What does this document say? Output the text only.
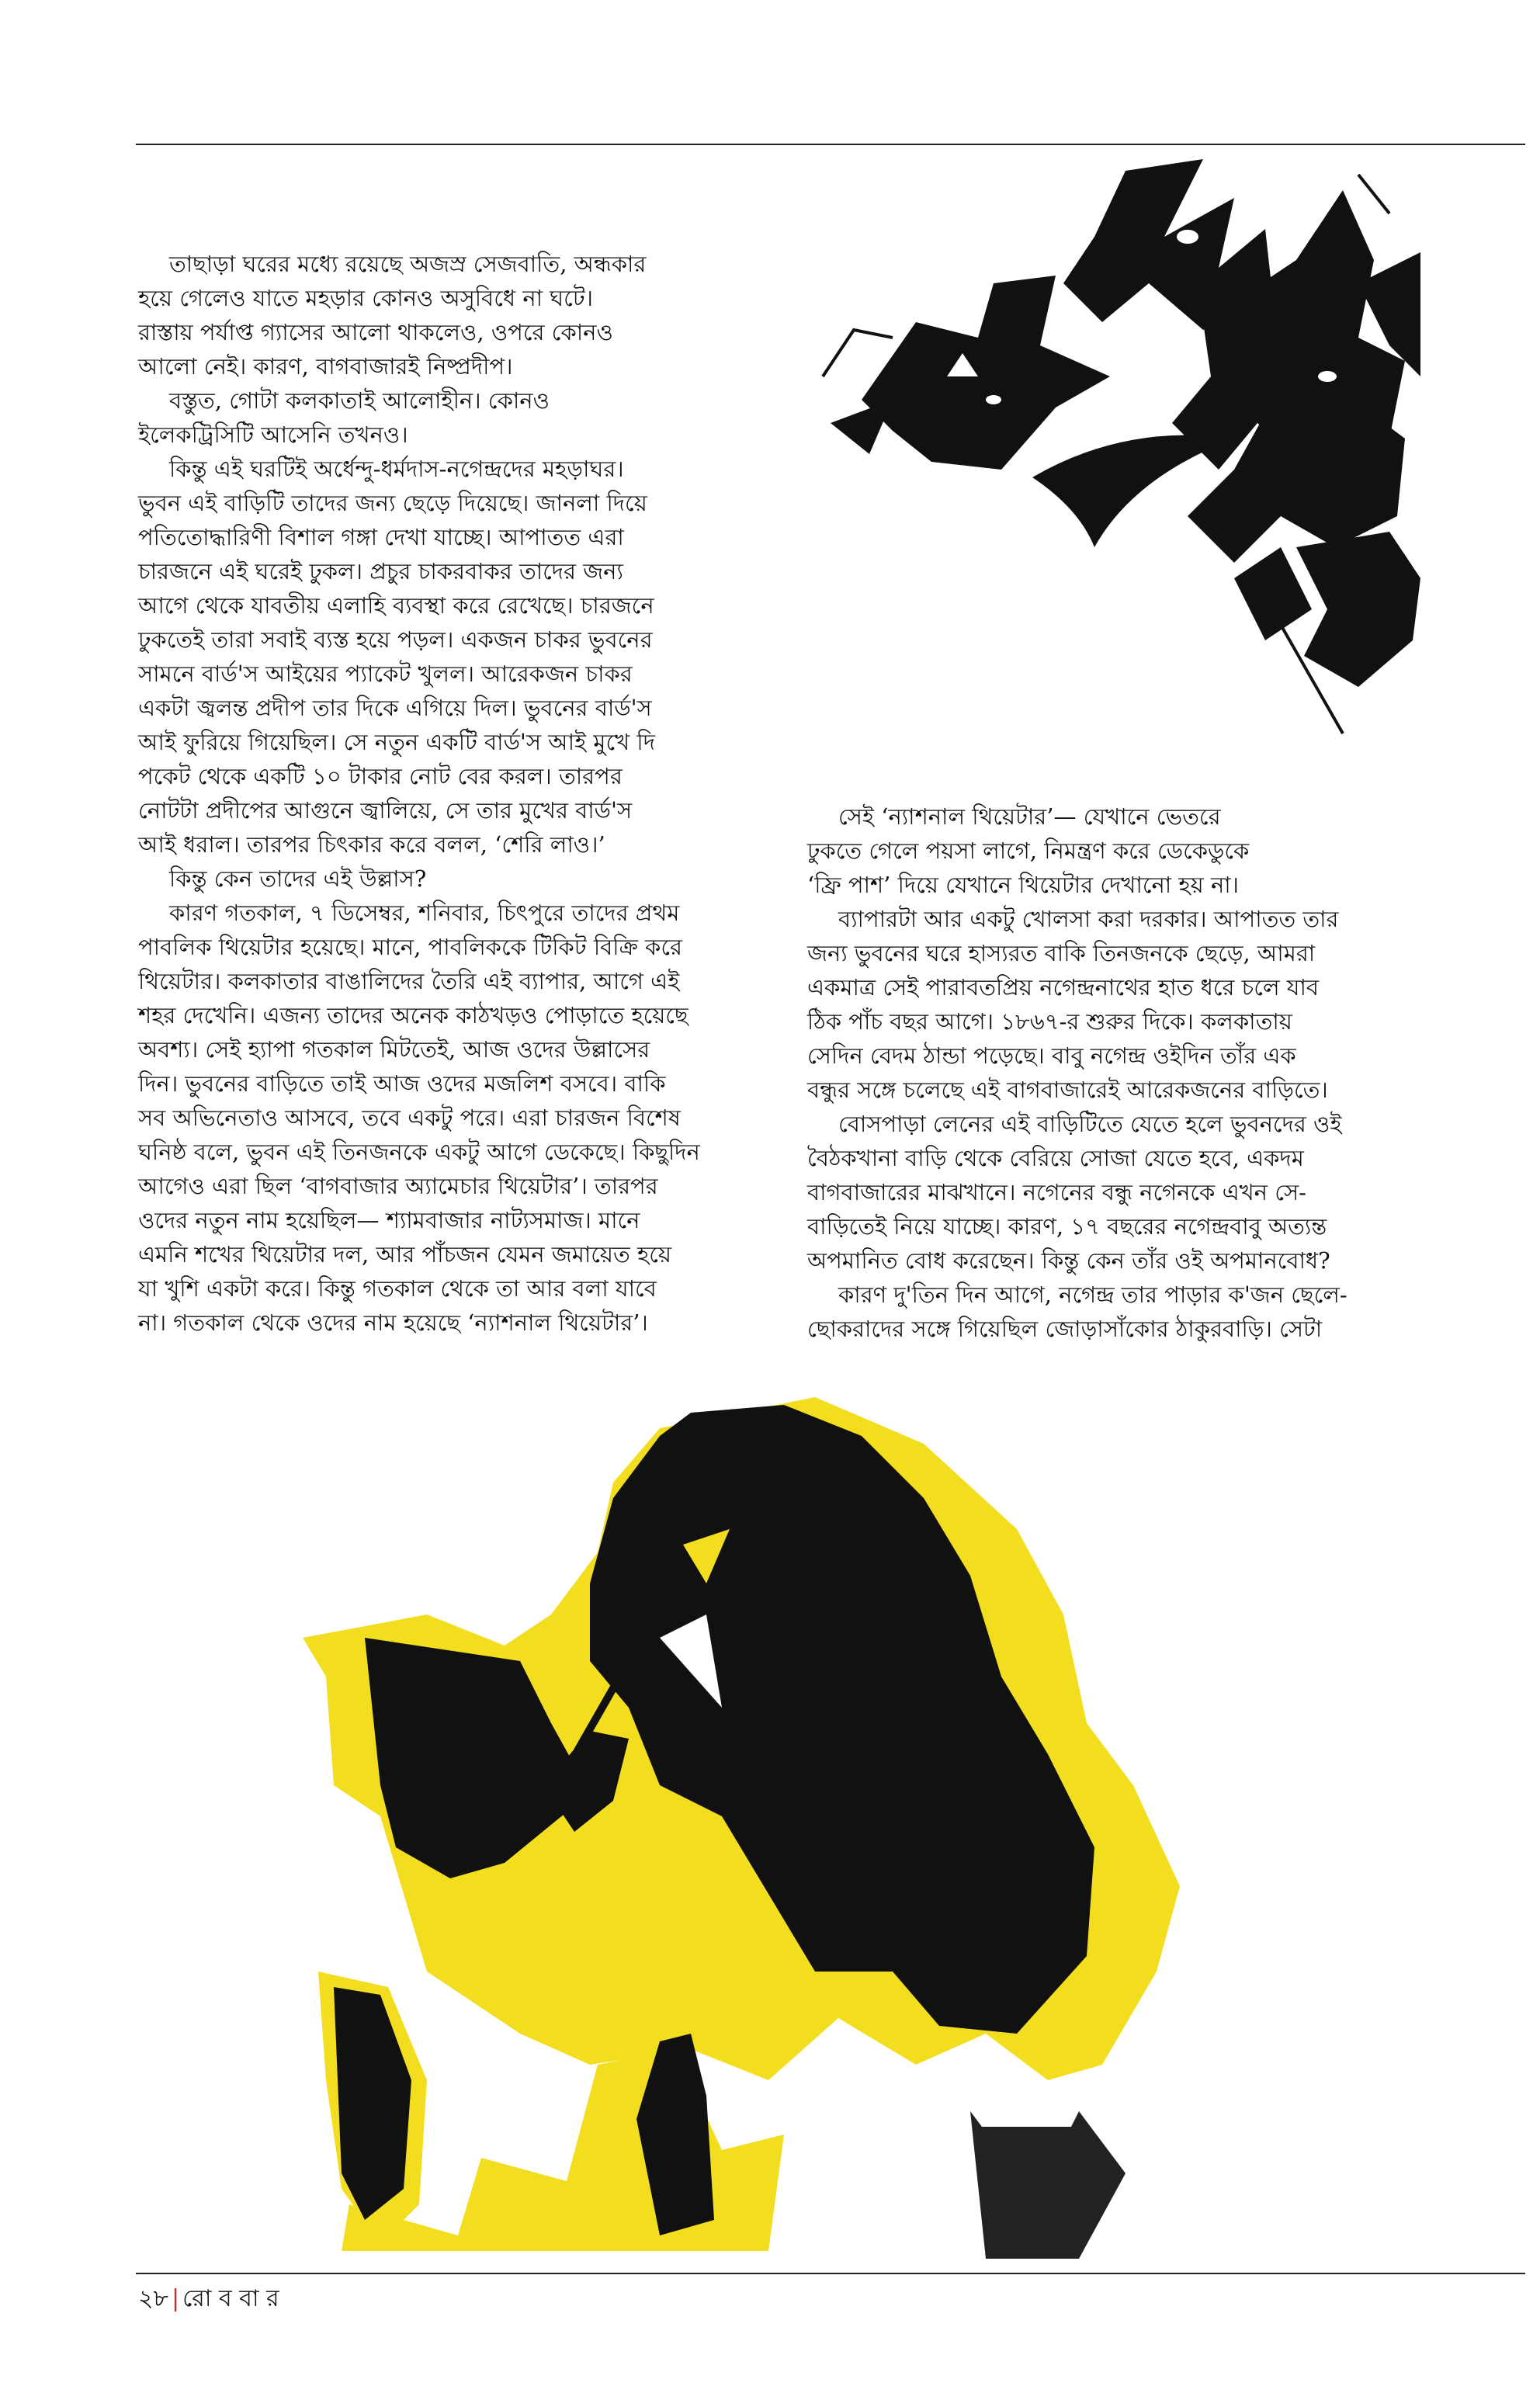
তাছাড়া ঘরের মধ্যে রয়েছে অজস্র সেজবাতি, অন্ধকার

হয়ে গেলেও যাতে মহড়ার কোনও অসুবিধে না ঘটে।

রাস্তায় পর্যাপ্ত গ্যাসের আলো থাকলেও, ওপরে কোনও

আলো নেই। কারণ, বাগবাজারই নিষ্প্রদীপ।

বস্তুত, গোটা কলকাতাই আলোহীন। কোনও

ইলেকট্রিসিটি আসেনি তখনও।

কিন্তু এই ঘরটিই অর্ধেন্দু-ধর্মদাস-নগেন্দ্রদের মহড়াঘর।

ভুবন এই বাড়িটি তাদের জন্য ছেড়ে দিয়েছে। জানলা দিয়ে

পতিতোদ্ধারিণী বিশাল গঙ্গা দেখা যাচ্ছে। আপাতত এরা

চারজনে এই ঘরেই ঢুকল। প্রচুর চাকরবাকর তাদের জন্য

আগে থেকে যাবতীয় এলাহি ব্যবস্থা করে রেখেছে। চারজনে

ঢুকতেই তারা সবাই ব্যস্ত হয়ে পড়ল। একজন চাকর ভুবনের

সামনে বার্ড'স আইয়ের প্যাকেট খুলল। আরেকজন চাকর

একটা জ্বলন্ত প্রদীপ তার দিকে এগিয়ে দিল। ভুবনের বার্ড'স

আই ফুরিয়ে গিয়েছিল। সে নতুন একটি বার্ড'স আই মুখে দি

পকেট থেকে একটি ১০ টাকার নোট বের করল। তারপর

নোটটা প্রদীপের আগুনে জ্বালিয়ে, সে তার মুখের বার্ড'স

আই ধরাল। তারপর চিৎকার করে বলল, ‘শেরি লাও।’

কিন্তু কেন তাদের এই উল্লাস?

কারণ গতকাল, ৭ ডিসেম্বর, শনিবার, চিৎপুরে তাদের প্রথম

পাবলিক থিয়েটার হয়েছে। মানে, পাবলিককে টিকিট বিক্রি করে

থিয়েটার। কলকাতার বাঙালিদের তৈরি এই ব্যাপার, আগে এই

শহর দেখেনি। এজন্য তাদের অনেক কাঠখড়ও পোড়াতে হয়েছে

অবশ্য। সেই হ্যাপা গতকাল মিটতেই, আজ ওদের উল্লাসের

দিন। ভুবনের বাড়িতে তাই আজ ওদের মজলিশ বসবে। বাকি

সব অভিনেতাও আসবে, তবে একটু পরে। এরা চারজন বিশেষ

ঘনিষ্ঠ বলে, ভুবন এই তিনজনকে একটু আগে ডেকেছে। কিছুদিন

আগেও এরা ছিল ‘বাগবাজার অ্যামেচার থিয়েটার’। তারপর

ওদের নতুন নাম হয়েছিল— শ্যামবাজার নাট্যসমাজ। মানে

এমনি শখের থিয়েটার দল, আর পাঁচজন যেমন জমায়েত হয়ে

যা খুশি একটা করে। কিন্তু গতকাল থেকে তা আর বলা যাবে

না। গতকাল থেকে ওদের নাম হয়েছে ‘ন্যাশনাল থিয়েটার’।

সেই ‘ন্যাশনাল থিয়েটার’— যেখানে ভেতরে

ঢুকতে গেলে পয়সা লাগে, নিমন্ত্রণ করে ডেকেডুকে

‘ফ্রি পাশ’ দিয়ে যেখানে থিয়েটার দেখানো হয় না।

ব্যাপারটা আর একটু খোলসা করা দরকার। আপাতত তার

জন্য ভুবনের ঘরে হাস্যরত বাকি তিনজনকে ছেড়ে, আমরা

একমাত্র সেই পারাবতপ্রিয় নগেন্দ্রনাথের হাত ধরে চলে যাব

ঠিক পাঁচ বছর আগে। ১৮৬৭-র শুরুর দিকে। কলকাতায়

সেদিন বেদম ঠান্ডা পড়েছে। বাবু নগেন্দ্র ওইদিন তাঁর এক

বন্ধুর সঙ্গে চলেছে এই বাগবাজারেই আরেকজনের বাড়িতে।

বোসপাড়া লেনের এই বাড়িটিতে যেতে হলে ভুবনদের ওই

বৈঠকখানা বাড়ি থেকে বেরিয়ে সোজা যেতে হবে, একদম

বাগবাজারের মাঝখানে। নগেনের বন্ধু নগেনকে এখন সে-

বাড়িতেই নিয়ে যাচ্ছে। কারণ, ১৭ বছরের নগেন্দ্রবাবু অত্যন্ত

অপমানিত বোধ করেছেন। কিন্তু কেন তাঁর ওই অপমানবোধ?

কারণ দু'তিন দিন আগে, নগেন্দ্র তার পাড়ার ক'জন ছেলে-

ছোকরাদের সঙ্গে গিয়েছিল জোড়াসাঁকোর ঠাকুরবাড়ি। সেটা

২৮ | রো ব বা র
